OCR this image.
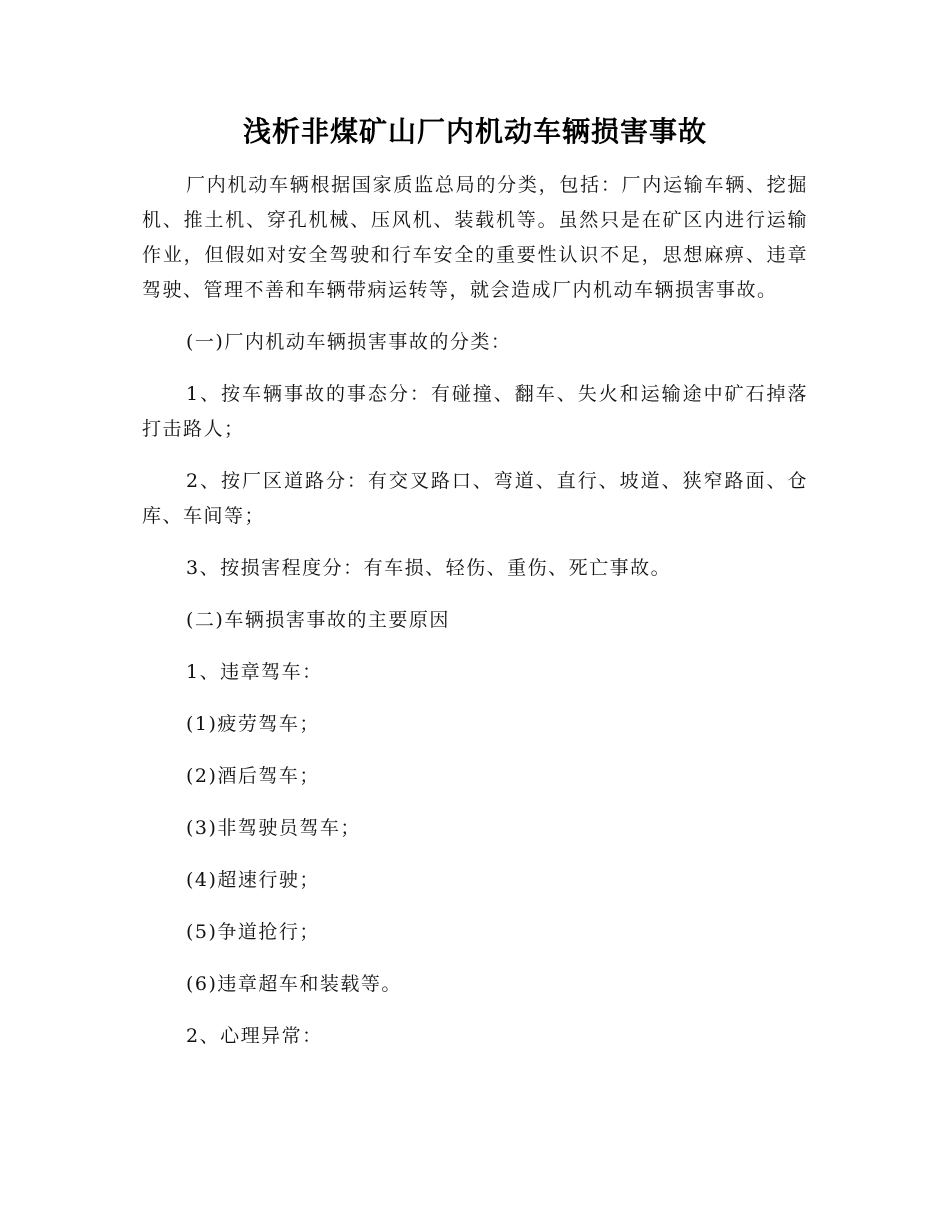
浅析非煤矿山厂内机动车辆损害事故

厂内机动车辆根据国家质监总局的分类，包括：厂内运输车辆、挖掘机、推土机、穿孔机械、压风机、装载机等。虽然只是在矿区内进行运输作业，但假如对安全驾驶和行车安全的重要性认识不足，思想麻痹、违章驾驶、管理不善和车辆带病运转等，就会造成厂内机动车辆损害事故。

(一)厂内机动车辆损害事故的分类：

1、按车辆事故的事态分：有碰撞、翻车、失火和运输途中矿石掉落打击路人；

2、按厂区道路分：有交叉路口、弯道、直行、坡道、狭窄路面、仓库、车间等；

3、按损害程度分：有车损、轻伤、重伤、死亡事故。

(二)车辆损害事故的主要原因

1、违章驾车：

(1)疲劳驾车；

(2)酒后驾车；

(3)非驾驶员驾车；

(4)超速行驶；

(5)争道抢行；

(6)违章超车和装载等。

2、心理异常：
